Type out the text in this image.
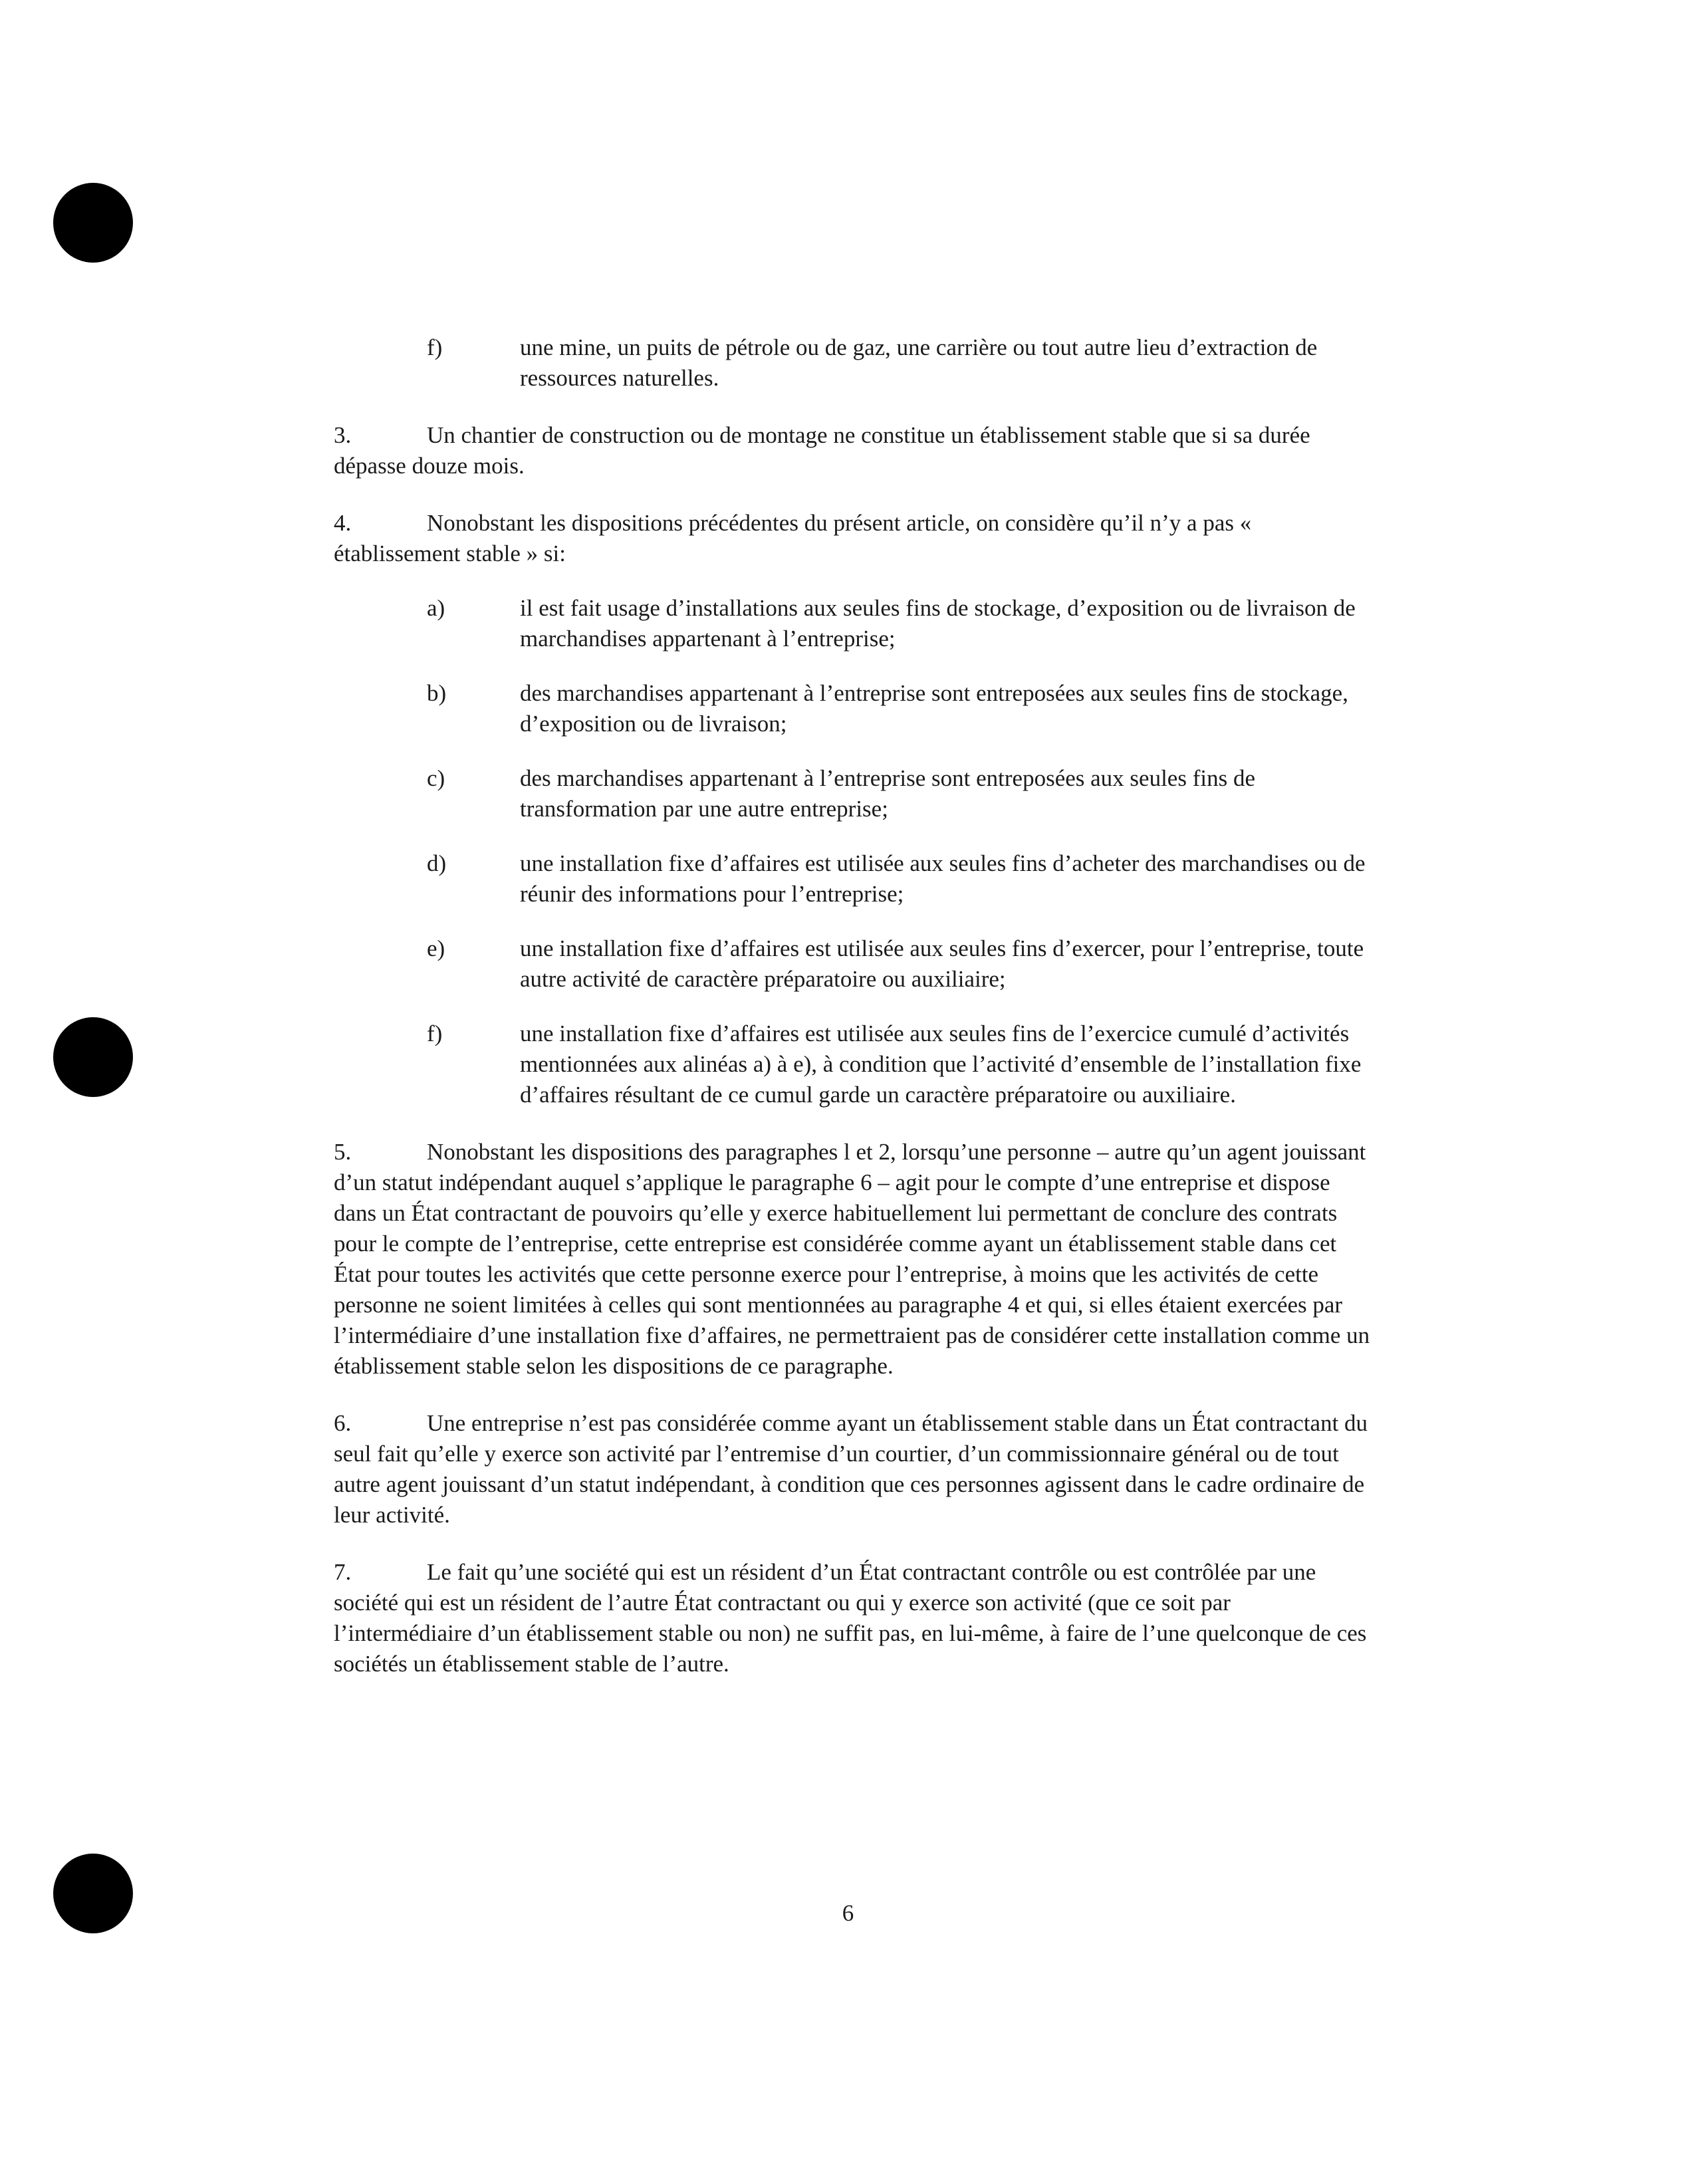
f)	une mine, un puits de pétrole ou de gaz, une carrière ou tout autre lieu d’extraction de ressources naturelles.

3.	Un chantier de construction ou de montage ne constitue un établissement stable que si sa durée dépasse douze mois.

4.	Nonobstant les dispositions précédentes du présent article, on considère qu’il n’y a pas « établissement stable » si:

a)	il est fait usage d’installations aux seules fins de stockage, d’exposition ou de livraison de marchandises appartenant à l’entreprise;
b)	des marchandises appartenant à l’entreprise sont entreposées aux seules fins de stockage, d’exposition ou de livraison;
c)	des marchandises appartenant à l’entreprise sont entreposées aux seules fins de transformation par une autre entreprise;
d)	une installation fixe d’affaires est utilisée aux seules fins d’acheter des marchandises ou de réunir des informations pour l’entreprise;
e)	une installation fixe d’affaires est utilisée aux seules fins d’exercer, pour l’entreprise, toute autre activité de caractère préparatoire ou auxiliaire;
f)	une installation fixe d’affaires est utilisée aux seules fins de l’exercice cumulé d’activités mentionnées aux alinéas a) à e), à condition que l’activité d’ensemble de l’installation fixe d’affaires résultant de ce cumul garde un caractère préparatoire ou auxiliaire.

5.	Nonobstant les dispositions des paragraphes l et 2, lorsqu’une personne – autre qu’un agent jouissant d’un statut indépendant auquel s’applique le paragraphe 6 – agit pour le compte d’une entreprise et dispose dans un État contractant de pouvoirs qu’elle y exerce habituellement lui permettant de conclure des contrats pour le compte de l’entreprise, cette entreprise est considérée comme ayant un établissement stable dans cet État pour toutes les activités que cette personne exerce pour l’entreprise, à moins que les activités de cette personne ne soient limitées à celles qui sont mentionnées au paragraphe 4 et qui, si elles étaient exercées par l’intermédiaire d’une installation fixe d’affaires, ne permettraient pas de considérer cette installation comme un établissement stable selon les dispositions de ce paragraphe.

6.	Une entreprise n’est pas considérée comme ayant un établissement stable dans un État contractant du seul fait qu’elle y exerce son activité par l’entremise d’un courtier, d’un commissionnaire général ou de tout autre agent jouissant d’un statut indépendant, à condition que ces personnes agissent dans le cadre ordinaire de leur activité.

7.	Le fait qu’une société qui est un résident d’un État contractant contrôle ou est contrôlée par une société qui est un résident de l’autre État contractant ou qui y exerce son activité (que ce soit par l’intermédiaire d’un établissement stable ou non) ne suffit pas, en lui-même, à faire de l’une quelconque de ces sociétés un établissement stable de l’autre.

6
